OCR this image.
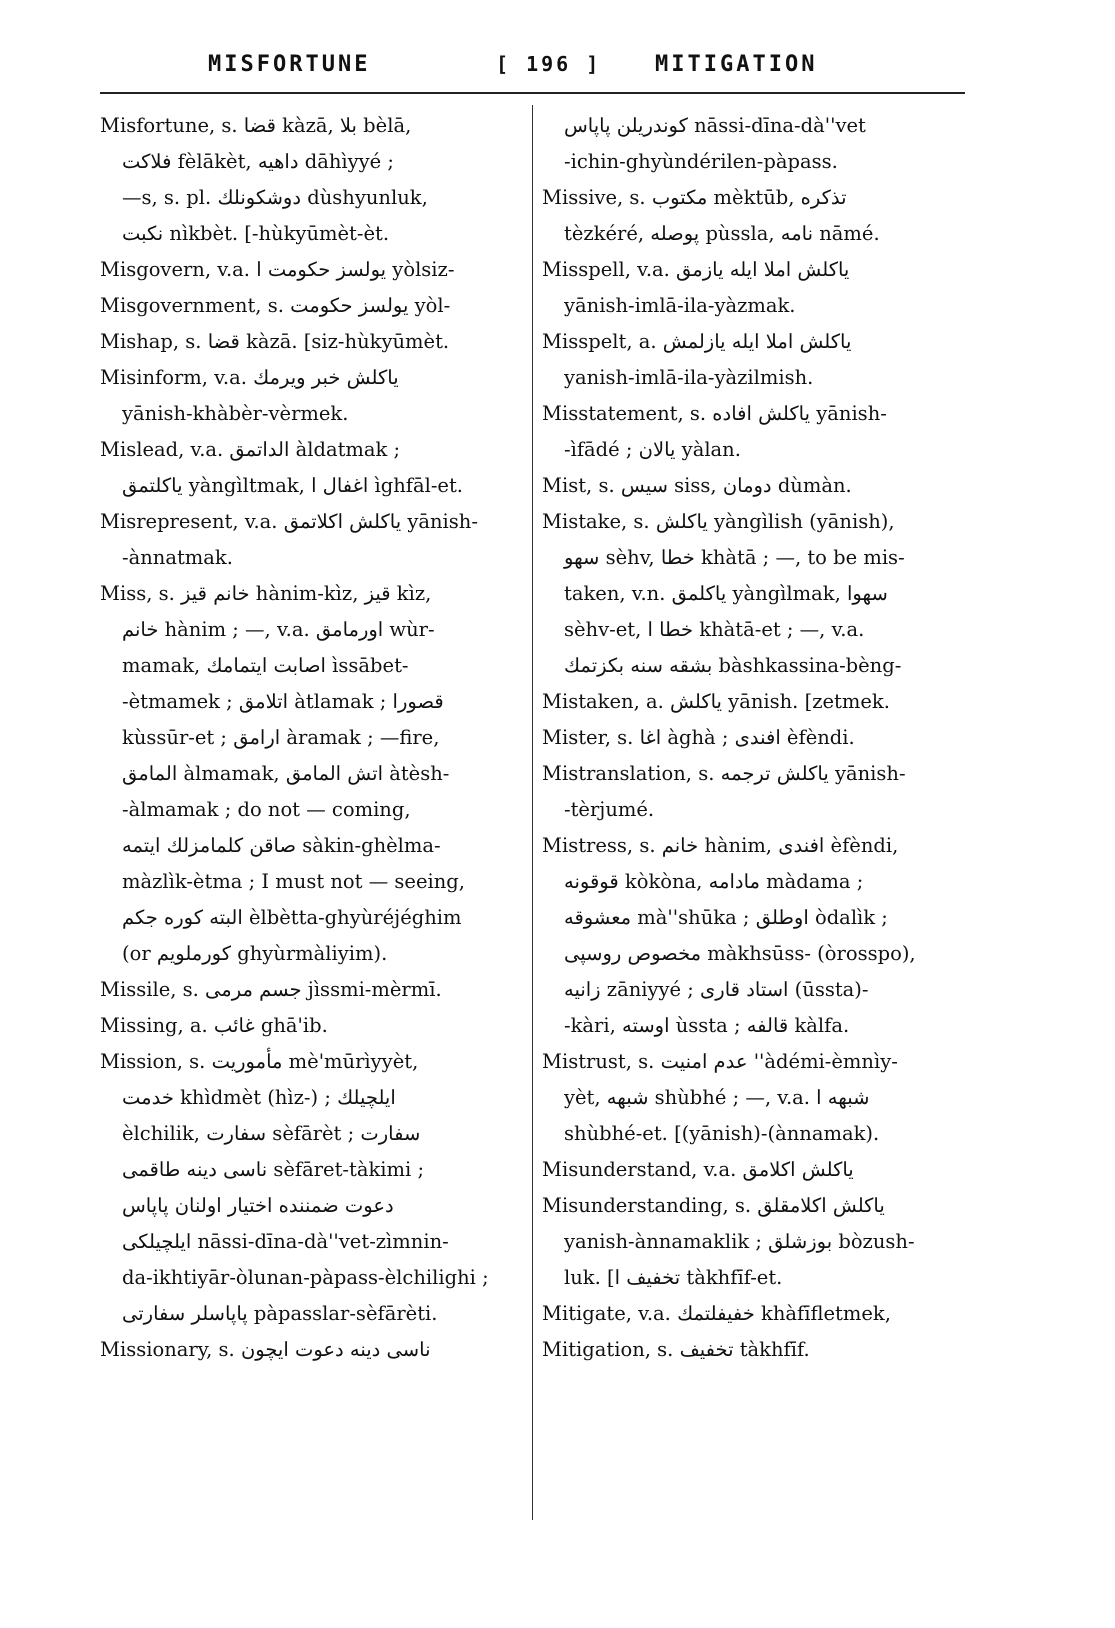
MISFORTUNE	[ 196 ] MITIGATION
Misfortune, s. قضا kàzā, بلا bèlā,
فلاكت fèlākèt, داهيه dāhìyyé ;
—s, s. pl. دوشكونلك dùshyunluk,
نكبت nìkbèt. [-hùkyūmèt-èt.
Misgovern, v.a. يولسز حكومت ا yòlsiz-
Misgovernment, s. يولسز حكومت yòl-
Mishap, s. قضا kàzā. [siz-hùkyūmèt.
Misinform, v.a. ياكلش خبر ويرمك
yānish-khàbèr-vèrmek.
Mislead, v.a. الداتمق àldatmak ;
ياكلتمق yàngìltmak, اغفال ا ìghfāl-et.
Misrepresent, v.a. ياكلش اكلاتمق yānish-
-ànnatmak.
Miss, s. خانم قيز hànim-kìz, قيز kìz,
خانم hànim ; —, v.a. اورمامق wùr-
mamak, اصابت ايتمامك ìssābet-
-ètmamek ; اتلامق àtlamak ; قصورا
kùssūr-et ; ارامق àramak ; —fire,
المامق àlmamak, اتش المامق àtèsh-
-àlmamak ; do not — coming,
صاقن كلمامزلك ايتمه sàkin-ghèlma-
màzlìk-ètma ; I must not — seeing,
البته كوره جكم èlbètta-ghyùréjéghim
(or كورملويم ghyùrmàliyim).
Missile, s. جسم مرمى jìssmi-mèrmī.
Missing, a. غائب ghā'ib.
Mission, s. مأموريت mè'mūrìyyèt,
خدمت khìdmèt (hìz-) ; ايلچيلك
èlchilik, سفارت sèfārèt ; سفارت
ناسى دينه طاقمى sèfāret-tàkimi ;
دعوت ضمننده اختيار اولنان پاپاس
ايلچيلكى nāssi-dīna-dà''vet-zìmnin-
da-ikhtiyār-òlunan-pàpass-èlchilighi ;
پاپاسلر سفارتى pàpasslar-sèfārèti.
Missionary, s. ناسى دينه دعوت ايچون
كوندريلن پاپاس nāssi-dīna-dà''vet
-ichin-ghyùndérilen-pàpass.
Missive, s. مكتوب mèktūb, تذكره
tèzkéré, پوصله pùssla, نامه nāmé.
Misspell, v.a. ياكلش املا ايله يازمق
yānish-imlā-ila-yàzmak.
Misspelt, a. ياكلش املا ايله يازلمش
yanish-imlā-ila-yàzilmish.
Misstatement, s. ياكلش افاده yānish-
-ìfādé ; يالان yàlan.
Mist, s. سيس siss, دومان dùmàn.
Mistake, s. ياكلش yàngìlish (yānish),
سهو sèhv, خطا khàtā ; —, to be mis-
taken, v.n. ياكلمق yàngìlmak, سهوا
sèhv-et, خطا ا khàtā-et ; —, v.a.
بشقه سنه بكزتمك bàshkassina-bèng-
Mistaken, a. ياكلش yānish. [zetmek.
Mister, s. اغا àghà ; افندى èfèndi.
Mistranslation, s. ياكلش ترجمه yānish-
-tèrjumé.
Mistress, s. خانم hànim, افندى èfèndi,
قوقونه kòkòna, مادامه màdama ;
معشوقه mà''shūka ; اوطلق òdalìk ;
مخصوص روسپى màkhsūss- (òrosspo),
زانيه zāniyyé ; استاد قارى (ūssta)-
-kàri, اوسته ùssta ; قالفه kàlfa.
Mistrust, s. عدم امنيت ''àdémi-èmnìy-
yèt, شبهه shùbhé ; —, v.a. شبهه ا
shùbhé-et. [(yānish)-(ànnamak).
Misunderstand, v.a. ياكلش اكلامق
Misunderstanding, s. ياكلش اكلامقلق
yanish-ànnamaklik ; بوزشلق bòzush-
luk. [تخفيف ا tàkhfīf-et.
Mitigate, v.a. خفيفلتمك khàfīfletmek,
Mitigation, s. تخفيف tàkhfīf.
